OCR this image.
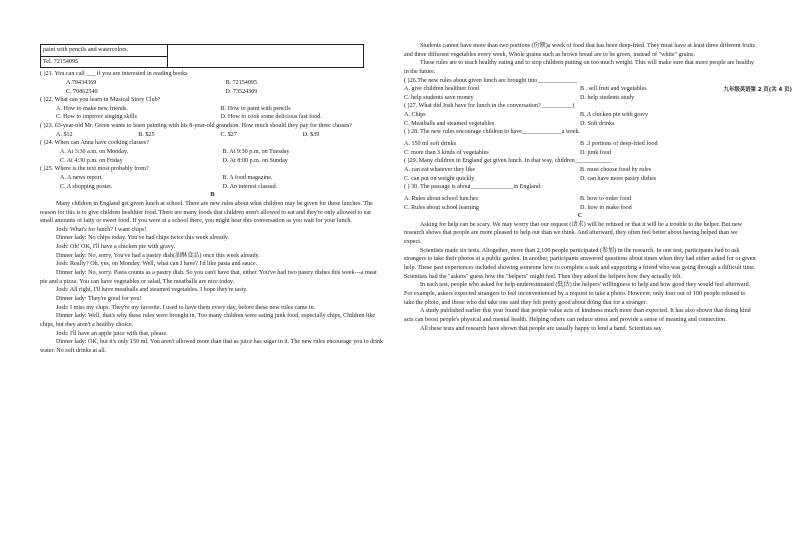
九年级英语第 2 页(共 4 页)
paint with pencils and watercolors.
Tel. 72154095

( )21. You can call ___ if you are interested in reading books

A.79434369	B. 72154095
C. 70862540	D. 73524309

( )22. What can you learn in Musical Story Club?

A. How to make new friends.	B. How to paint with pencils
C. How to improve singing skills	D. How to cook some delicious fast food.

( )23. 63-year-old Mr. Green wants to learn painting with his 8-year-old grandson. How much should they pay for three classes?

A. $12	B. $25	C. $27	D. $39

( )24. When can Anna have cooking classes?

A. At 3:30 a.m. on Monday.	B. At 9:30 p.m. on Tuesday
C. At 4:30 p.m. on Friday	D. At 8:00 p.m. on Sunday

( )25. Where is the text most probably from?

A. A news report.	B. A food magazine.
C. A shopping poster.	D. An interest classad.

B

Many children in England get given lunch at school. There are new rules about what children may be given for these lunches. The reason for this is to give children healthier food. There are many foods that children aren't allowed to eat and they're only allowed to eat small amounts of fatty or sweet food. If you were at a school there, you might hear this conversation as you wait for your lunch.

Josh: What's for lunch? I want chips!

Dinner lady: No chips today. You've had chips twice this week already.

Josh: Oh! OK, I'll have a chicken pie with gravy.

Dinner lady: No, sorry, You've had a pastry dish(油酥食品) once this week already.

Josh: Really? Oh, yes, on Monday. Well, what can I have? I'd like pasta and sauce.

Dinner lady: No, sorry. Pasta counts as a pastry dish. So you can't have that, either. You've had two pastry dishes this week---a meat pie and a pizza. You can have vegetables or salad, The meatballs are nice today.

Josh: All right, I'll have meatballs and steamed vegetables. I hope they're tasty.

Dinner lady: They're good for you!

Josh: I miss my chips. They're my favorite. I used to have them every day, before these new rules came in.

Dinner lady: Well, that's why these rules were brought in. Too many children were eating junk food, especially chips, Children like chips, but they aren't a healthy choice.

Josh: I'll have an apple juice with that, please.

Dinner lady: OK, but it's only 150 ml. You aren't allowed more than that as juice has sugar in it. The new rules encourage you to drink water. No soft drinks at all.

Students cannot have more than two portions (份额)a week of food that has been deep-fried. They must have at least three different fruits and three different vegetables every week, Whole grains such as brown bread are to be given, instead of "white" grains.

These rules are to teach healthy eating and to stop children putting on too much weight. This will make sure that more people are healthy in the future.

( )26.The new rules about given lunch are brought into_____________

A. give children healthier food	B . sell fruit and vegetables
C. help students save money	D. help students study

( )27. What did Josh have for lunch in the conversation? __________(

A. Chips	B. A chicken pie with gravy
C. Meatballs and steamed vegetables	D. Soft drinks

( ) 28. The new rules encourage children to have_____________a week.

A. 150 ml soft drinks	B .3 portions of deep-fried food
C. more than 3 kinds of vegetables	D. junk food

( )29. Many children in England get given lunch. In that way, children____________

A. can eat whatever they like	B. must choose food by rules
C. can put on weight quickly	D. can have more pastry dishes

( ) 30. The passage is about______________in England.

A. Rules about school lunches	B. how to order food
C. Rules about school learning	D. how to make food

C

Asking for help can be scary. We may worry that our request (请求) will be refused or that it will be a trouble to the helper. But new research shows that people are more pleased to help out than we think. And afterward, they often feel better about having helped than we expect.

Scientists made six tests. Altogether, more than 2,100 people participated (参加) in the research. In one test, participants had to ask strangers to take their photos at a public garden. In another, participants answered questions about times when they had either asked for or given help. These past experiences included showing someone how to complete a task and supporting a friend who was going through a difficult time. Scientists had the "askers" guess how the "helpers" might feel. Then they asked the helpers how they actually felt.

In each test, people who asked for help underestimated (低估) the helpers' willingness to help and how good they would feel afterward. For example, askers expected strangers to feel inconvenienced by a request to take a photo. However, only four out of 100 people refused to take the photo, and those who did take one said they felt pretty good about doing that for a stranger.

A study published earlier this year found that people value acts of kindness much more than expected. It has also shown that doing kind acts can boost people's physical and mental health. Helping others can reduce stress and provide a sense of meaning and connection.

All these tests and research have shown that people are usually happy to lend a hand. Scientists say
